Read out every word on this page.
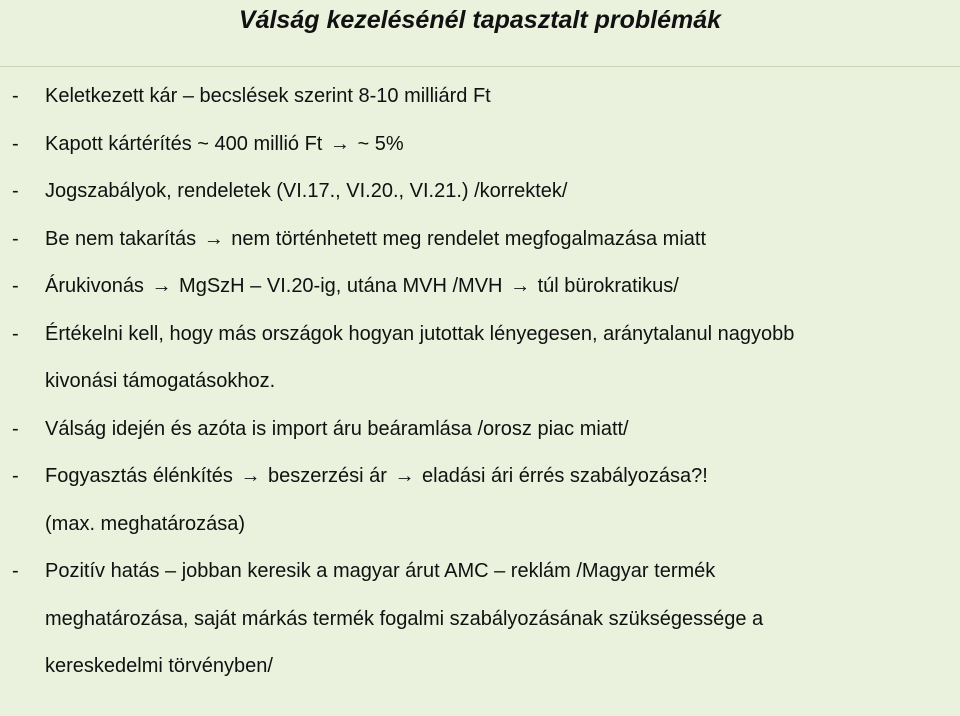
Válság kezelésénél tapasztalt problémák
- Keletkezett kár – becslések szerint 8-10 milliárd Ft
- Kapott kártérítés ~ 400 millió Ft → ~ 5%
- Jogszabályok, rendeletek (VI.17., VI.20., VI.21.) /korrektek/
- Be nem takarítás → nem történhetett meg rendelet megfogalmazása miatt
- Árukivonás → MgSzH – VI.20-ig, utána MVH /MVH → túl bürokratikus/
- Értékelni kell, hogy más országok hogyan jutottak lényegesen, aránytalanul nagyobb
kivonási támogatásokhoz.
- Válság idején és azóta is import áru beáramlása /orosz piac miatt/
- Fogyasztás élénkítés → beszerzési ár → eladási ári érrés szabályozása?!
(max. meghatározása)
- Pozitív hatás – jobban keresik a magyar árut AMC – reklám /Magyar termék
meghatározása, saját márkás termék fogalmi szabályozásának szükségessége a
kereskedelmi törvényben/
